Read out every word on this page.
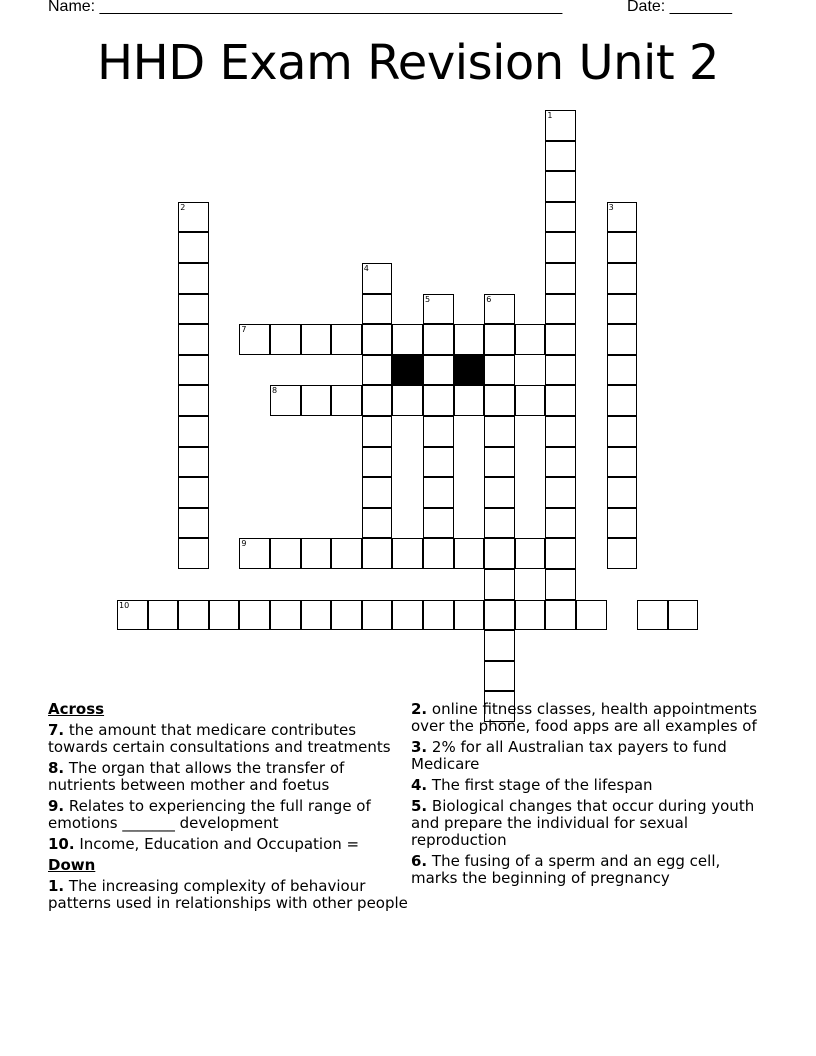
Name: ____________________________________________________	Date: _______
HHD Exam Revision Unit 2
1
2	3
4
5	6
7
8
9
10
Across
7. the amount that medicare contributes towards certain consultations and treatments
8. The organ that allows the transfer of nutrients between mother and foetus
9. Relates to experiencing the full range of emotions _______ development
10. Income, Education and Occupation =
Down
1. The increasing complexity of behaviour patterns used in relationships with other people
2. online fitness classes, health appointments over the phone, food apps are all examples of
3. 2% for all Australian tax payers to fund Medicare
4. The first stage of the lifespan
5. Biological changes that occur during youth and prepare the individual for sexual reproduction
6. The fusing of a sperm and an egg cell, marks the beginning of pregnancy
